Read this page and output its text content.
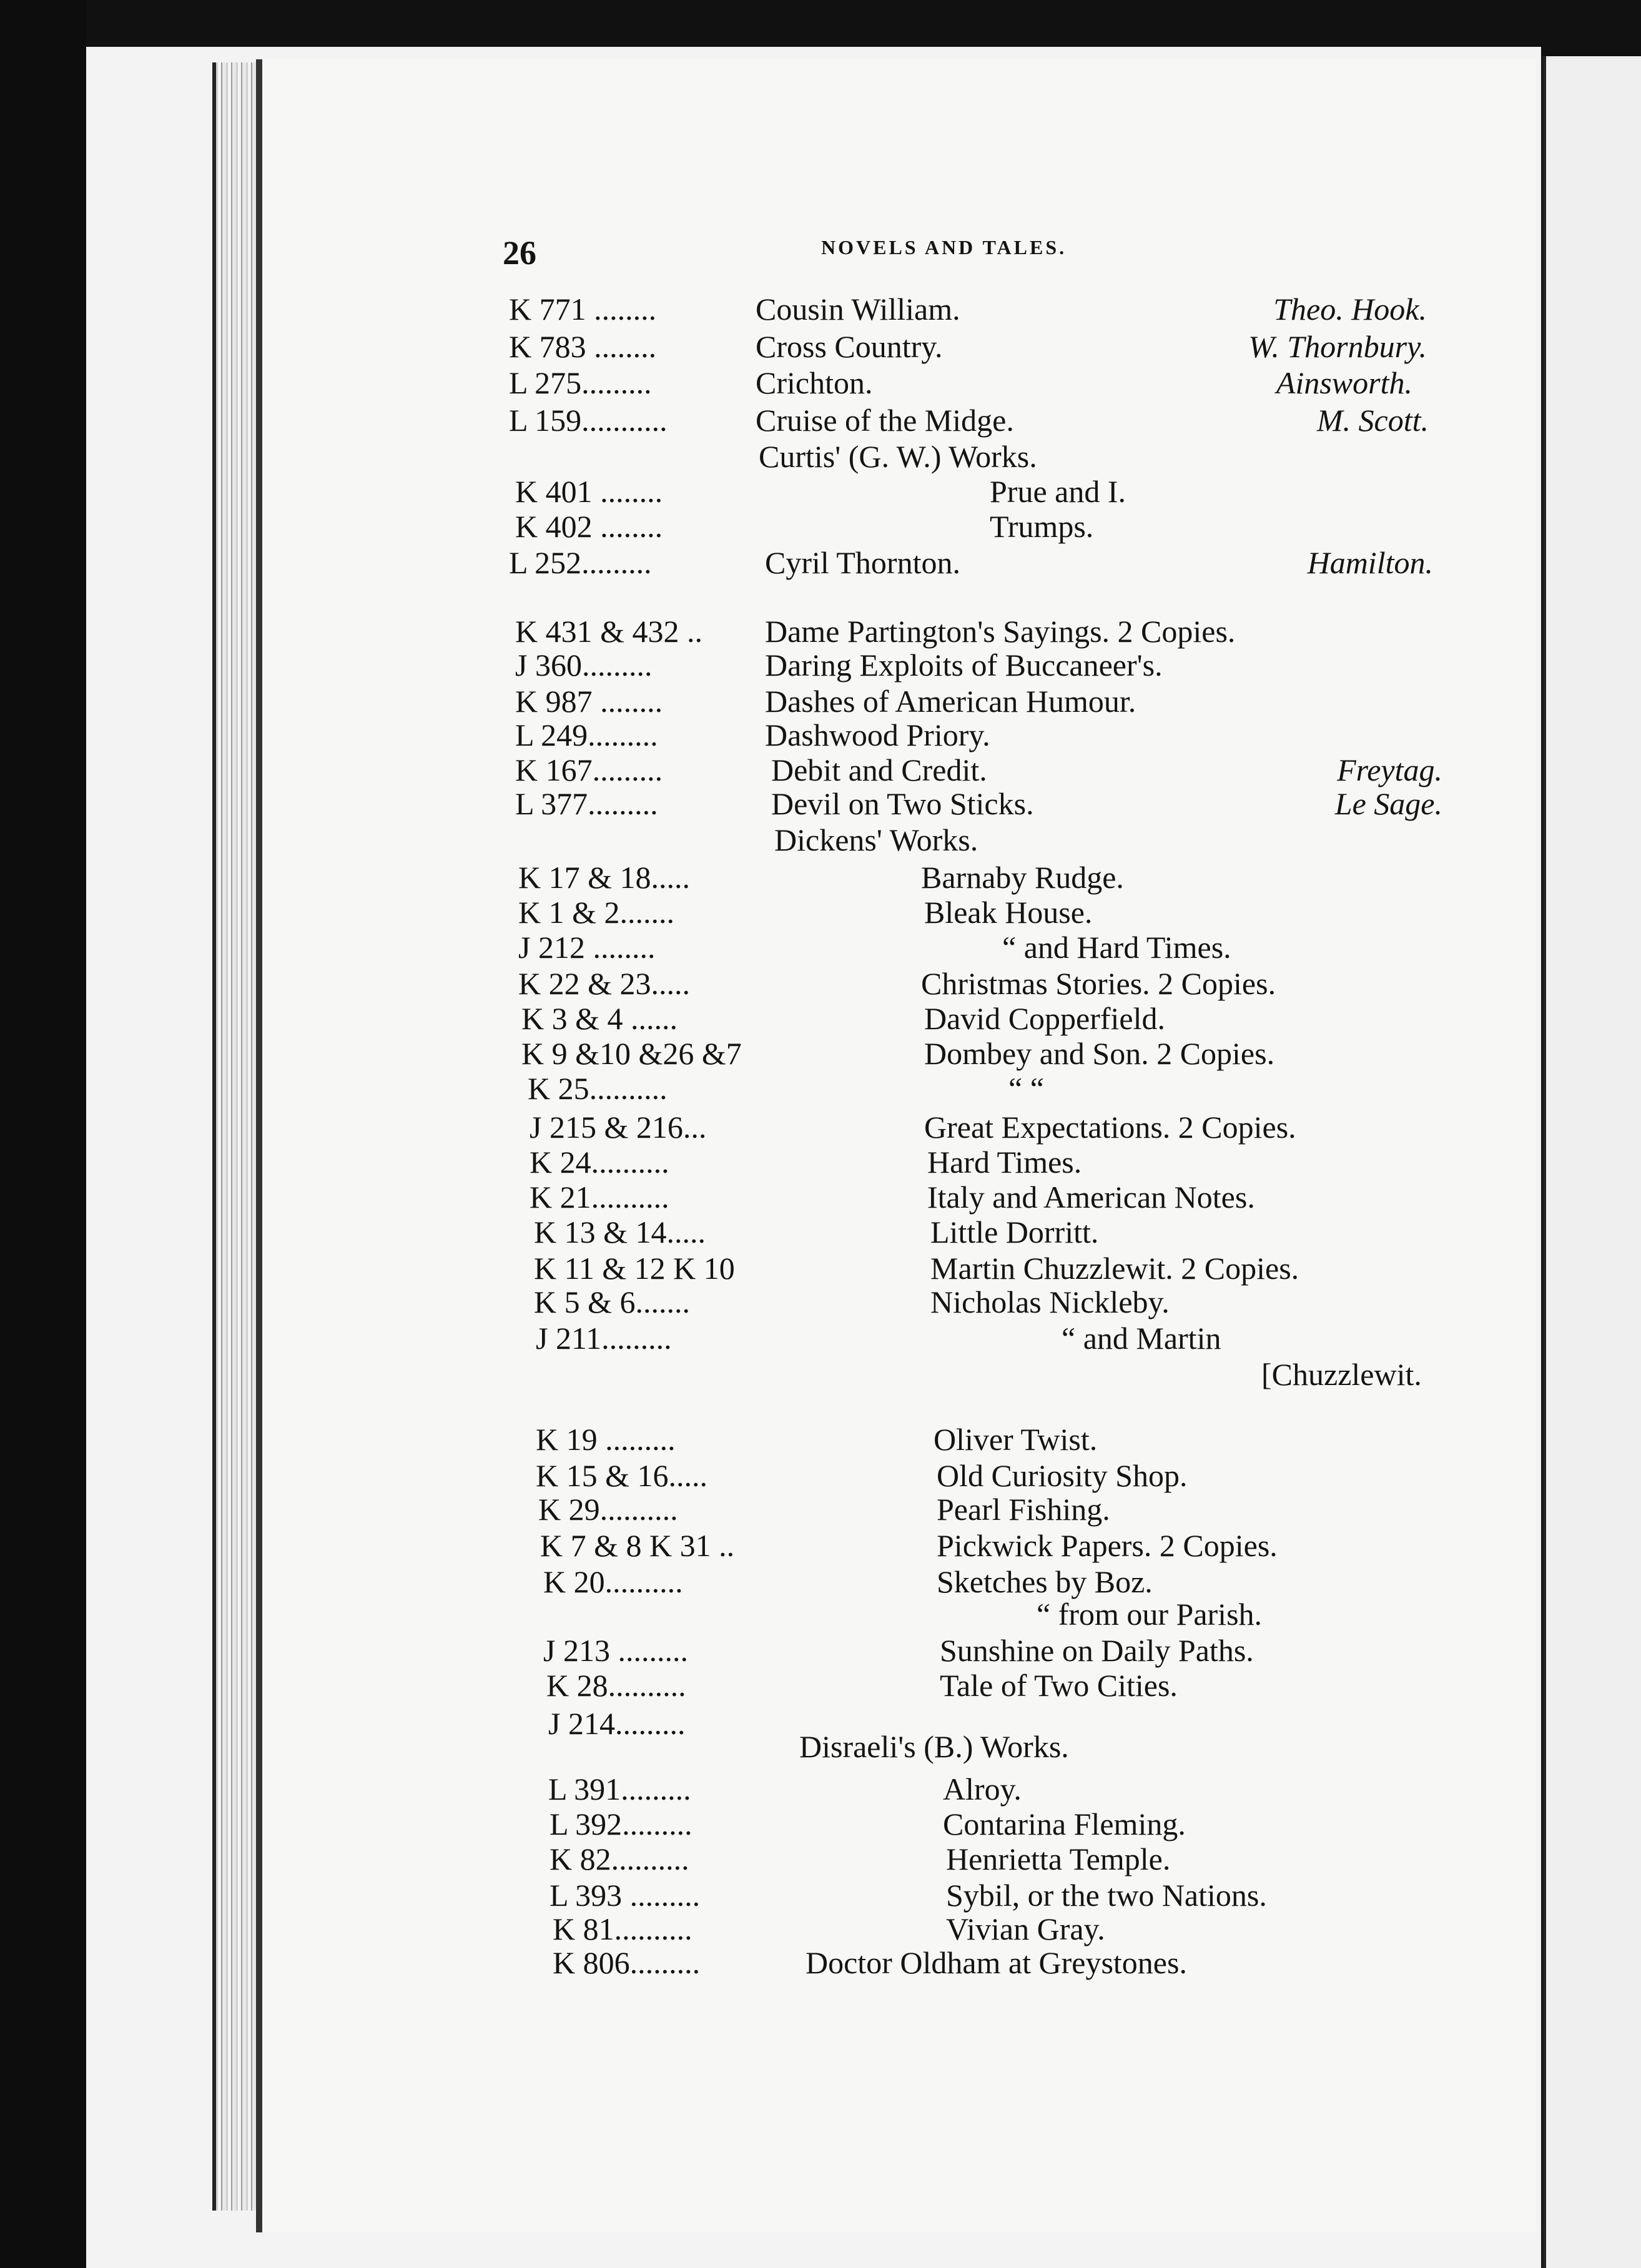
26	NOVELS AND TALES.
K 771 ........	Cousin William.	Theo. Hook.
K 783 ........	Cross Country.	W. Thornbury.
L 275.........	Crichton.	Ainsworth.
L 159...........	Cruise of the Midge.	M. Scott.
Curtis' (G. W.) Works.
K 401 ........	Prue and I.
K 402 ........	Trumps.
L 252.........	Cyril Thornton.	Hamilton.
K 431 & 432 .. Dame Partington's Sayings. 2 Copies.
J 360.........	Daring Exploits of Buccaneer's.
K 987 ........	Dashes of American Humour.
L 249.........	Dashwood Priory.
K 167.........	Debit and Credit.	Freytag.
L 377.........	Devil on Two Sticks.	Le Sage.
Dickens' Works.
K 17 & 18.....	Barnaby Rudge.
K 1 & 2.......	Bleak House.
J 212 ........	“ and Hard Times.
K 22 & 23.....	Christmas Stories. 2 Copies.
K 3 & 4 ......	David Copperfield.
K 9 &10 &26 &7	Dombey and Son. 2 Copies.
K 25..........	“ “
J 215 & 216...	Great Expectations. 2 Copies.
K 24..........	Hard Times.
K 21..........	Italy and American Notes.
K 13 & 14.....	Little Dorritt.
K 11 & 12 K 10	Martin Chuzzlewit. 2 Copies.
K 5 & 6.......	Nicholas Nickleby.
J 211.........	“ and Martin
[Chuzzlewit.
K 19 .........	Oliver Twist.
K 15 & 16.....	Old Curiosity Shop.
K 29..........	Pearl Fishing.
K 7 & 8 K 31 ..	Pickwick Papers. 2 Copies.
K 20..........	Sketches by Boz.
“ from our Parish.
J 213 .........	Sunshine on Daily Paths.
K 28..........	Tale of Two Cities.
J 214.........
Disraeli's (B.) Works.
L 391.........	Alroy.
L 392.........	Contarina Fleming.
K 82..........	Henrietta Temple.
L 393 .........	Sybil, or the two Nations.
K 81..........	Vivian Gray.
K 806.........	Doctor Oldham at Greystones.
